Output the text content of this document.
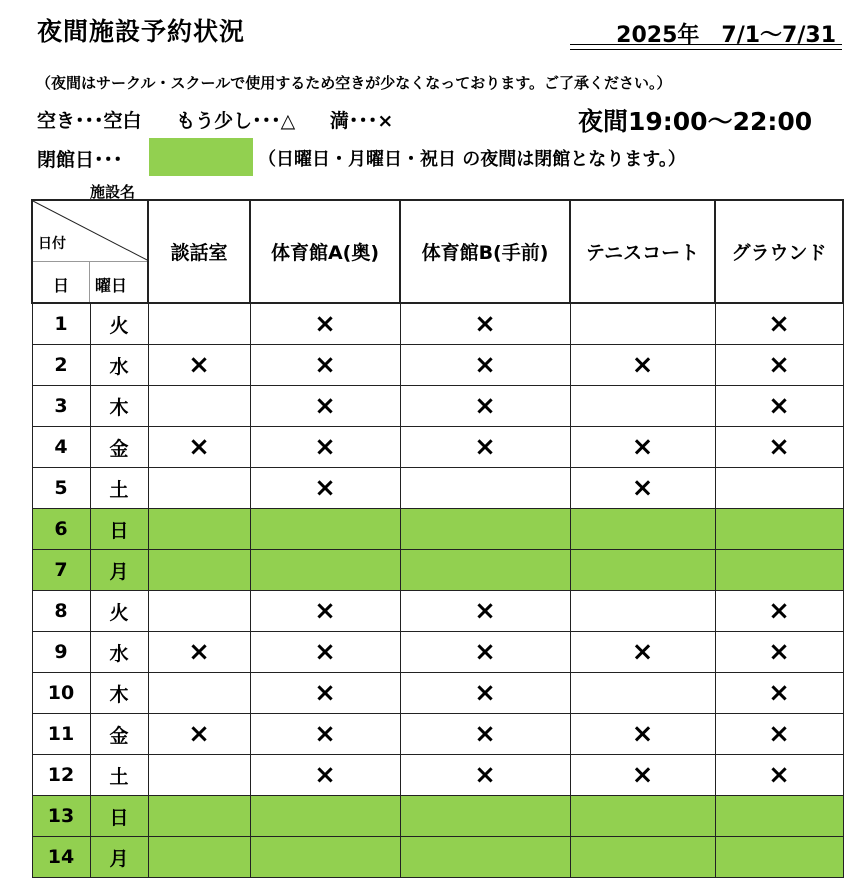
夜間施設予約状況	2025年　7/1〜7/31
（夜間はサークル・スクールで使用するため空きが少なくなっております。ご了承ください。）
空き･･･空白 もう少し･･･△ 満･･･×	夜間19:00〜22:00
閉館日･･･	（日曜日・月曜日・祝日 の夜間は閉館となります。）
施設名
日付
日 曜日		談話室	体育館A(奥)	体育館B(手前)	テニスコート	グラウンド
1	火		×	×		×
2	水	×	×	×	×	×
3	木		×	×		×
4	金	×	×	×	×	×
5	土		×		×	
6	日					
7	月					
8	火		×	×		×
9	水	×	×	×	×	×
10	木		×	×		×
11	金	×	×	×	×	×
12	土		×	×	×	×
13	日					
14	月					
